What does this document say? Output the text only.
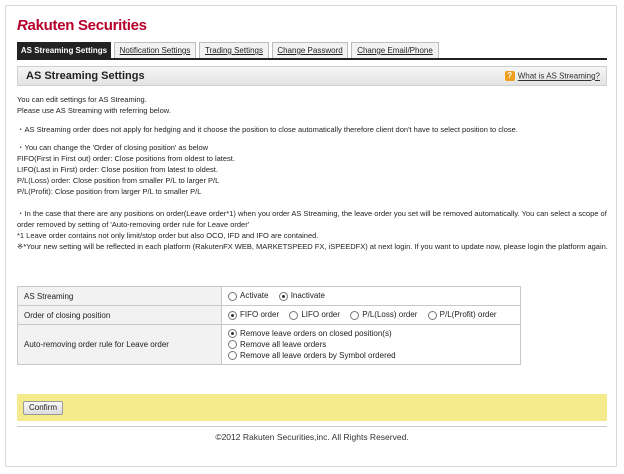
Rakuten Securities
AS Streaming Settings	Notification Settings	Trading Settings	Change Password	Change Email/Phone
AS Streaming Settings	? What is AS Streaming?
You can edit settings for AS Streaming.
Please use AS Streaming with referring below.
・AS Streaming order does not apply for hedging and it choose the position to close automatically therefore client don't have to select position to close.
・You can change the 'Order of closing position' as below
FIFO(First in First out) order: Close positions from oldest to latest.
LIFO(Last in First) order: Close position from latest to oldest.
P/L(Loss) order: Close position from smaller P/L to larger P/L
P/L(Profit): Close position from larger P/L to smaller P/L
・In the case that there are any positions on order(Leave order*1) when you order AS Streaming, the leave order you set will be removed automatically. You can select a scope of order removed by setting of 'Auto-removing order rule for Leave order'
*1 Leave order contains not only limit/stop order but also OCO, IFD and IFO are contained.
※*Your new setting will be reflected in each platform (RakutenFX WEB, MARKETSPEED FX, iSPEEDFX) at next login. If you want to update now, please login the platform again.
AS Streaming	Activate Inactivate
Order of closing position	FIFO order LIFO order P/L(Loss) order P/L(Profit) order
Auto-removing order rule for Leave order	Remove leave orders on closed position(s)
Remove all leave orders
Remove all leave orders by Symbol ordered
Confirm
©2012 Rakuten Securities,inc. All Rights Reserved.
